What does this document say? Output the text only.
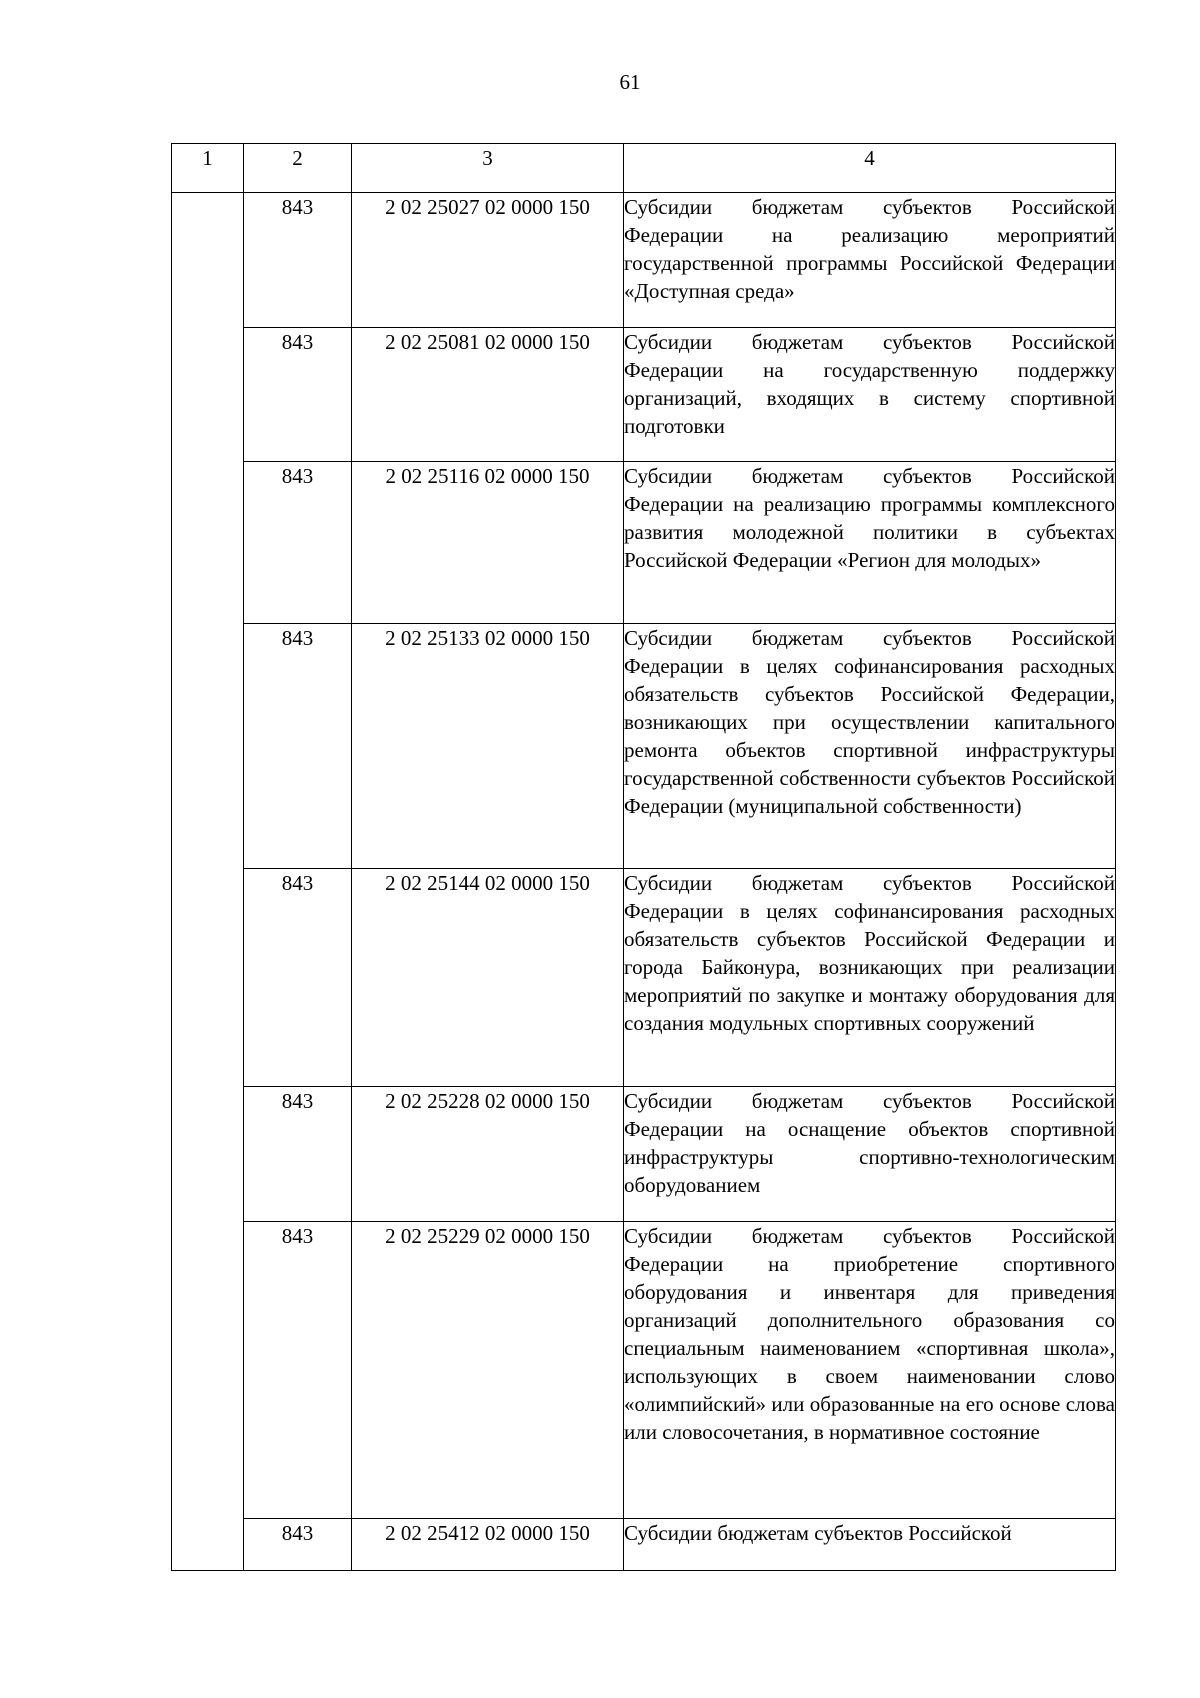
61
1	2	3	4
	843	2 02 25027 02 0000 150	Субсидии бюджетам субъектов Российской Федерации на реализацию мероприятий государственной программы Российской Федерации «Доступная среда»
	843	2 02 25081 02 0000 150	Субсидии бюджетам субъектов Российской Федерации на государственную поддержку организаций, входящих в систему спортивной подготовки
	843	2 02 25116 02 0000 150	Субсидии бюджетам субъектов Российской Федерации на реализацию программы комплексного развития молодежной политики в субъектах Российской Федерации «Регион для молодых»
	843	2 02 25133 02 0000 150	Субсидии бюджетам субъектов Российской Федерации в целях софинансирования расходных обязательств субъектов Российской Федерации, возникающих при осуществлении капитального ремонта объектов спортивной инфраструктуры государственной собственности субъектов Российской Федерации (муниципальной собственности)
	843	2 02 25144 02 0000 150	Субсидии бюджетам субъектов Российской Федерации в целях софинансирования расходных обязательств субъектов Российской Федерации и города Байконура, возникающих при реализации мероприятий по закупке и монтажу оборудования для создания модульных спортивных сооружений
	843	2 02 25228 02 0000 150	Субсидии бюджетам субъектов Российской Федерации на оснащение объектов спортивной инфраструктуры спортивно-технологическим оборудованием
	843	2 02 25229 02 0000 150	Субсидии бюджетам субъектов Российской Федерации на приобретение спортивного оборудования и инвентаря для приведения организаций дополнительного образования со специальным наименованием «спортивная школа», использующих в своем наименовании слово «олимпийский» или образованные на его основе слова или словосочетания, в нормативное состояние
	843	2 02 25412 02 0000 150	Субсидии бюджетам субъектов Российской
